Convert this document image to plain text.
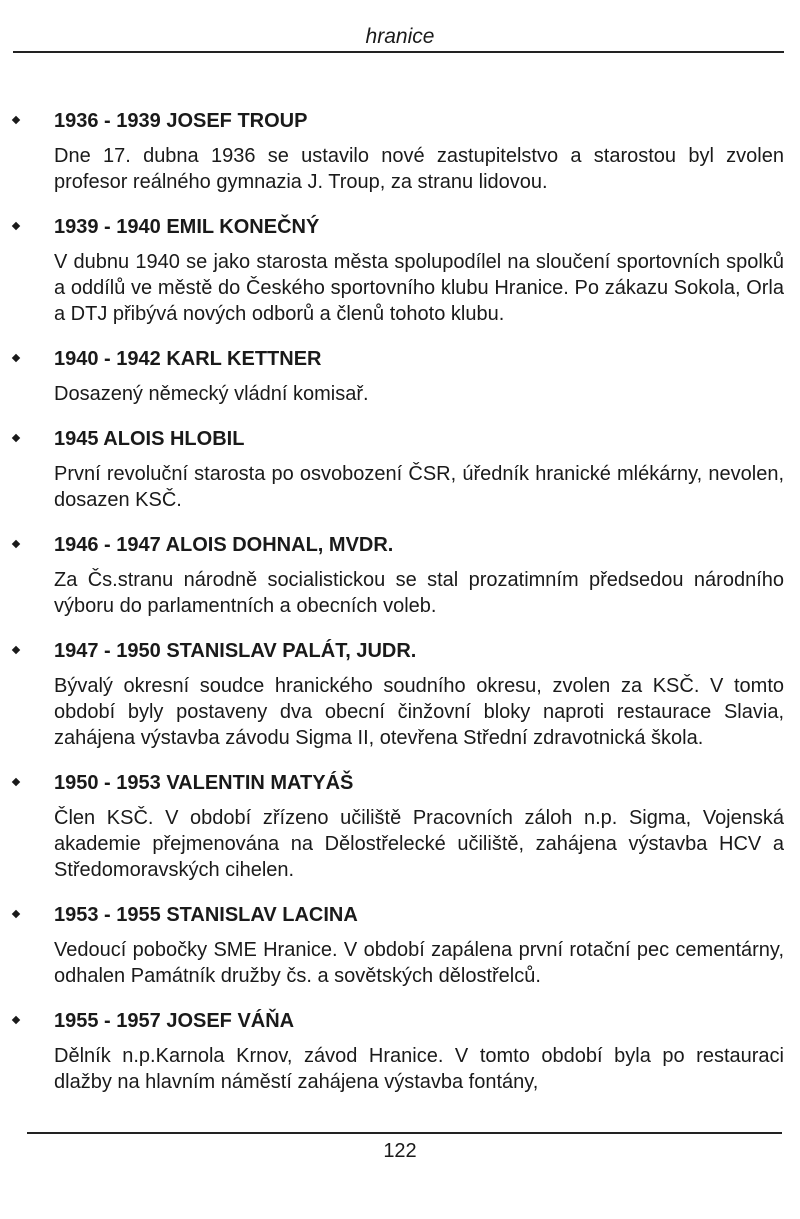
hranice
1936 - 1939 JOSEF TROUP
Dne 17. dubna 1936 se ustavilo nové zastupitelstvo a starostou byl zvolen profesor reálného gymnazia J. Troup, za stranu lidovou.
1939 - 1940 EMIL KONEČNÝ
V dubnu 1940 se jako starosta města spolupodílel na sloučení sportovních spolků a oddílů ve městě do Českého sportovního klubu Hranice. Po zákazu Sokola, Orla a DTJ přibývá nových odborů a členů tohoto klubu.
1940 - 1942 KARL KETTNER
Dosazený německý vládní komisař.
1945 ALOIS HLOBIL
První revoluční starosta po osvobození ČSR, úředník hranické mlékárny, nevolen, dosazen KSČ.
1946 - 1947 ALOIS DOHNAL, MVDR.
Za Čs.stranu národně socialistickou se stal prozatimním předsedou národního výboru do parlamentních a obecních voleb.
1947 - 1950 STANISLAV PALÁT, JUDR.
Bývalý okresní soudce hranického soudního okresu, zvolen za KSČ. V tomto období byly postaveny dva obecní činžovní bloky naproti restaurace Slavia, zahájena výstavba závodu Sigma II, otevřena Střední zdravotnická škola.
1950 - 1953 VALENTIN MATYÁŠ
Člen KSČ. V období zřízeno učiliště Pracovních záloh n.p. Sigma, Vojenská akademie přejmenována na Dělostřelecké učiliště, zahájena výstavba HCV a Středomoravských cihelen.
1953 - 1955 STANISLAV LACINA
Vedoucí pobočky SME Hranice. V období zapálena první rotační pec cementárny, odhalen Památník družby čs. a sovětských dělostřelců.
1955 - 1957 JOSEF VÁŇA
Dělník n.p.Karnola Krnov, závod Hranice. V tomto období byla po restauraci dlažby na hlavním náměstí zahájena výstavba fontány,
122
